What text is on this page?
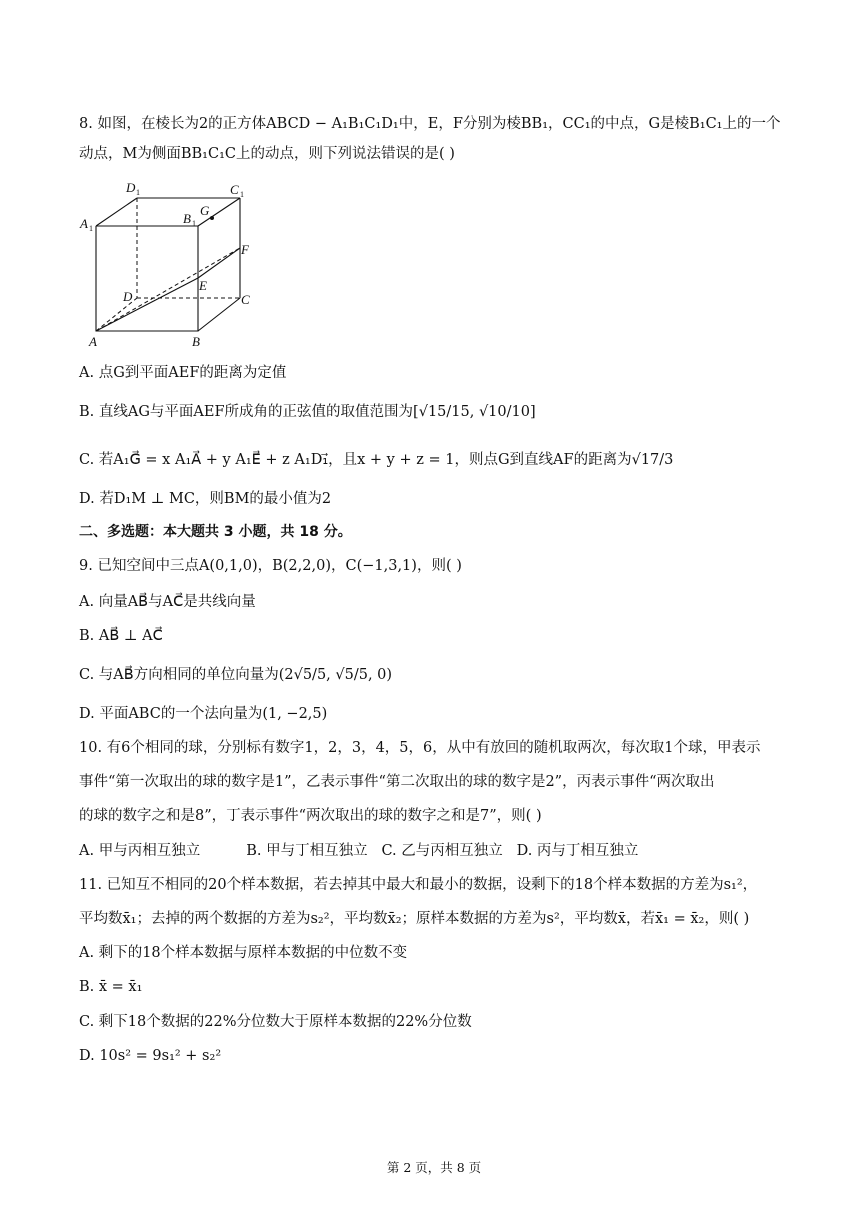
8. 如图，在棱长为2的正方体ABCD − A₁B₁C₁D₁中，E，F分别为棱BB₁，CC₁的中点，G是棱B₁C₁上的一个
动点，M为侧面BB₁C₁C上的动点，则下列说法错误的是( )
A 1
D 1	C 1
B 1
G
F
E
D	C
A	B
A. 点G到平面AEF的距离为定值
B. 直线AG与平面AEF所成角的正弦值的取值范围为[√15/15, √10/10]
C. 若A₁G⃗ = x A₁A⃗ + y A₁E⃗ + z A₁D₁⃗，且x + y + z = 1，则点G到直线AF的距离为√17/3
D. 若D₁M ⊥ MC，则BM的最小值为2
二、多选题：本大题共 3 小题，共 18 分。
9. 已知空间中三点A(0,1,0)，B(2,2,0)，C(−1,3,1)，则( )
A. 向量AB⃗与AC⃗是共线向量
B. AB⃗ ⊥ AC⃗
C. 与AB⃗方向相同的单位向量为(2√5/5, √5/5, 0)
D. 平面ABC的一个法向量为(1, −2,5)
10. 有6个相同的球，分别标有数字1，2，3，4，5，6，从中有放回的随机取两次，每次取1个球，甲表示
事件“第一次取出的球的数字是1”，乙表示事件“第二次取出的球的数字是2”，丙表示事件“两次取出
的球的数字之和是8”，丁表示事件“两次取出的球的数字之和是7”，则( )
A. 甲与丙相互独立          B. 甲与丁相互独立   C. 乙与丙相互独立   D. 丙与丁相互独立
11. 已知互不相同的20个样本数据，若去掉其中最大和最小的数据，设剩下的18个样本数据的方差为s₁²，
平均数x̄₁；去掉的两个数据的方差为s₂²，平均数x̄₂；原样本数据的方差为s²，平均数x̄，若x̄₁ = x̄₂，则( )
A. 剩下的18个样本数据与原样本数据的中位数不变
B. x̄ = x̄₁
C. 剩下18个数据的22%分位数大于原样本数据的22%分位数
D. 10s² = 9s₁² + s₂²
第 2 页，共 8 页
